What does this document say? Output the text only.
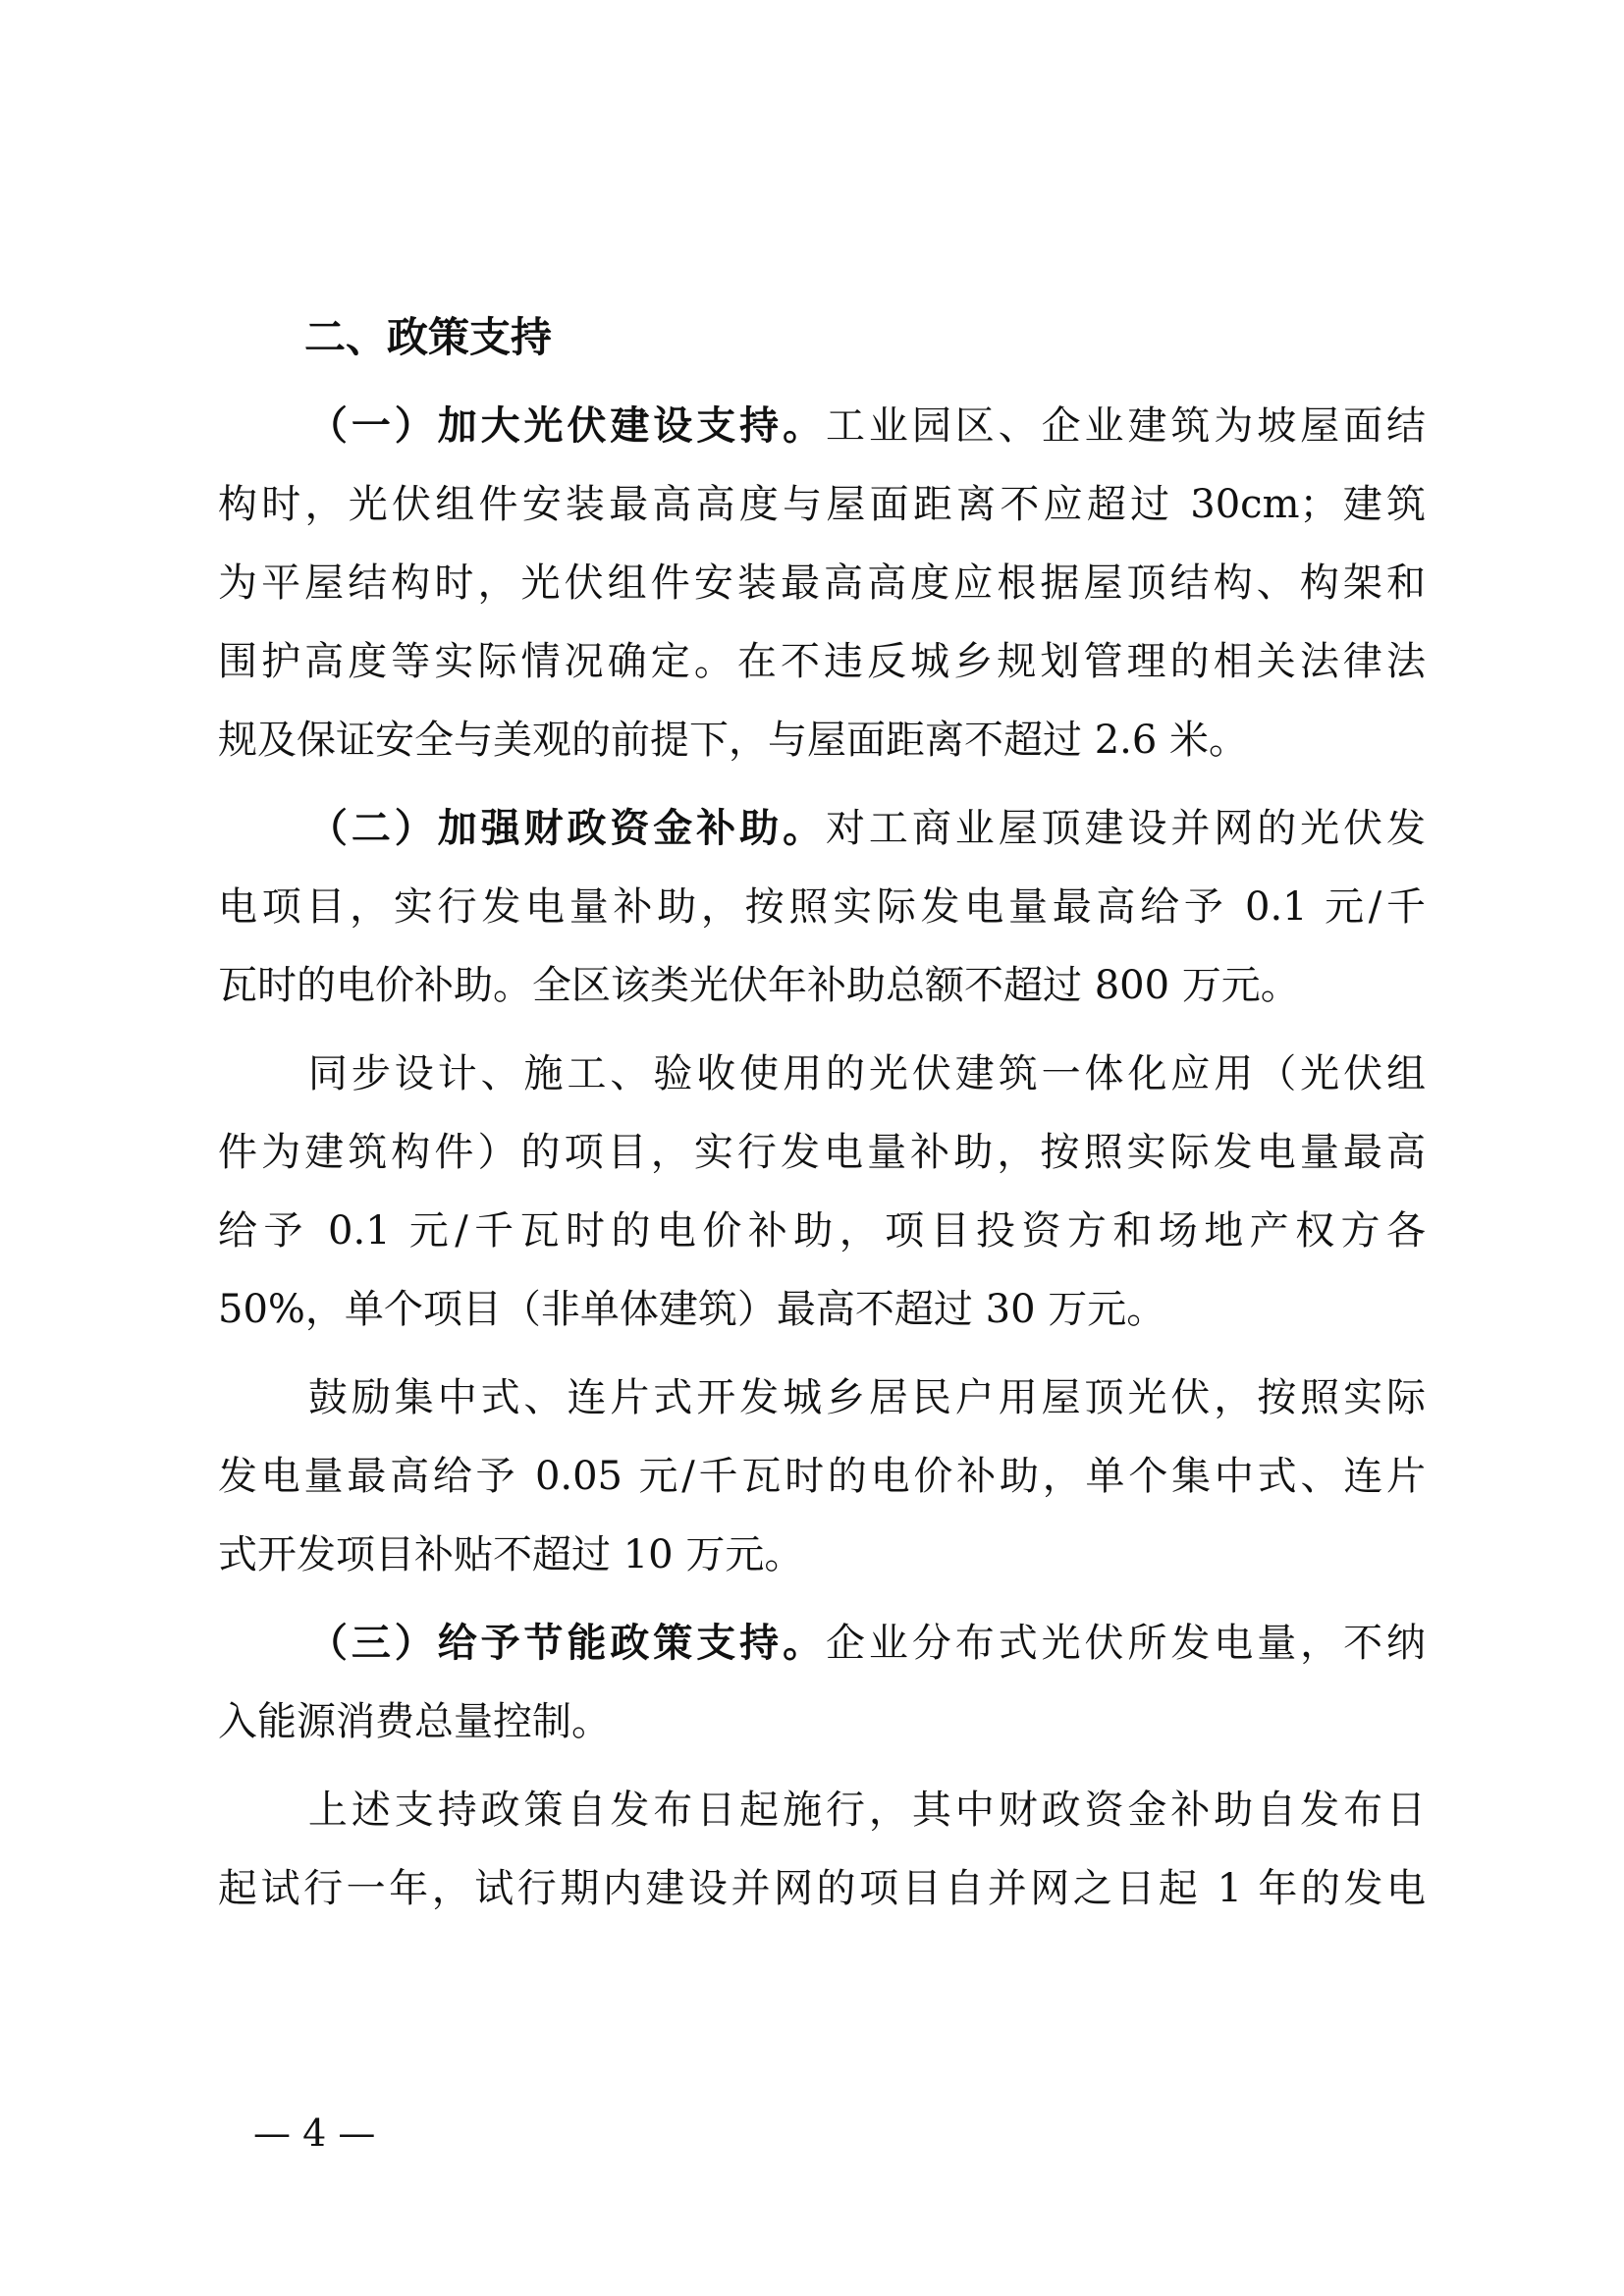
二、政策支持
（一）加大光伏建设支持。工业园区、企业建筑为坡屋面结
构时，光伏组件安装最高高度与屋面距离不应超过 30cm；建筑
为平屋结构时，光伏组件安装最高高度应根据屋顶结构、构架和
围护高度等实际情况确定。在不违反城乡规划管理的相关法律法
规及保证安全与美观的前提下，与屋面距离不超过 2.6 米。
（二）加强财政资金补助。对工商业屋顶建设并网的光伏发
电项目，实行发电量补助，按照实际发电量最高给予 0.1 元/千
瓦时的电价补助。全区该类光伏年补助总额不超过 800 万元。
同步设计、施工、验收使用的光伏建筑一体化应用（光伏组
件为建筑构件）的项目，实行发电量补助，按照实际发电量最高
给予 0.1 元/千瓦时的电价补助，项目投资方和场地产权方各
50%，单个项目（非单体建筑）最高不超过 30 万元。
鼓励集中式、连片式开发城乡居民户用屋顶光伏，按照实际
发电量最高给予 0.05 元/千瓦时的电价补助，单个集中式、连片
式开发项目补贴不超过 10 万元。
（三）给予节能政策支持。企业分布式光伏所发电量，不纳
入能源消费总量控制。
上述支持政策自发布日起施行，其中财政资金补助自发布日
起试行一年，试行期内建设并网的项目自并网之日起 1 年的发电
— 4 —
